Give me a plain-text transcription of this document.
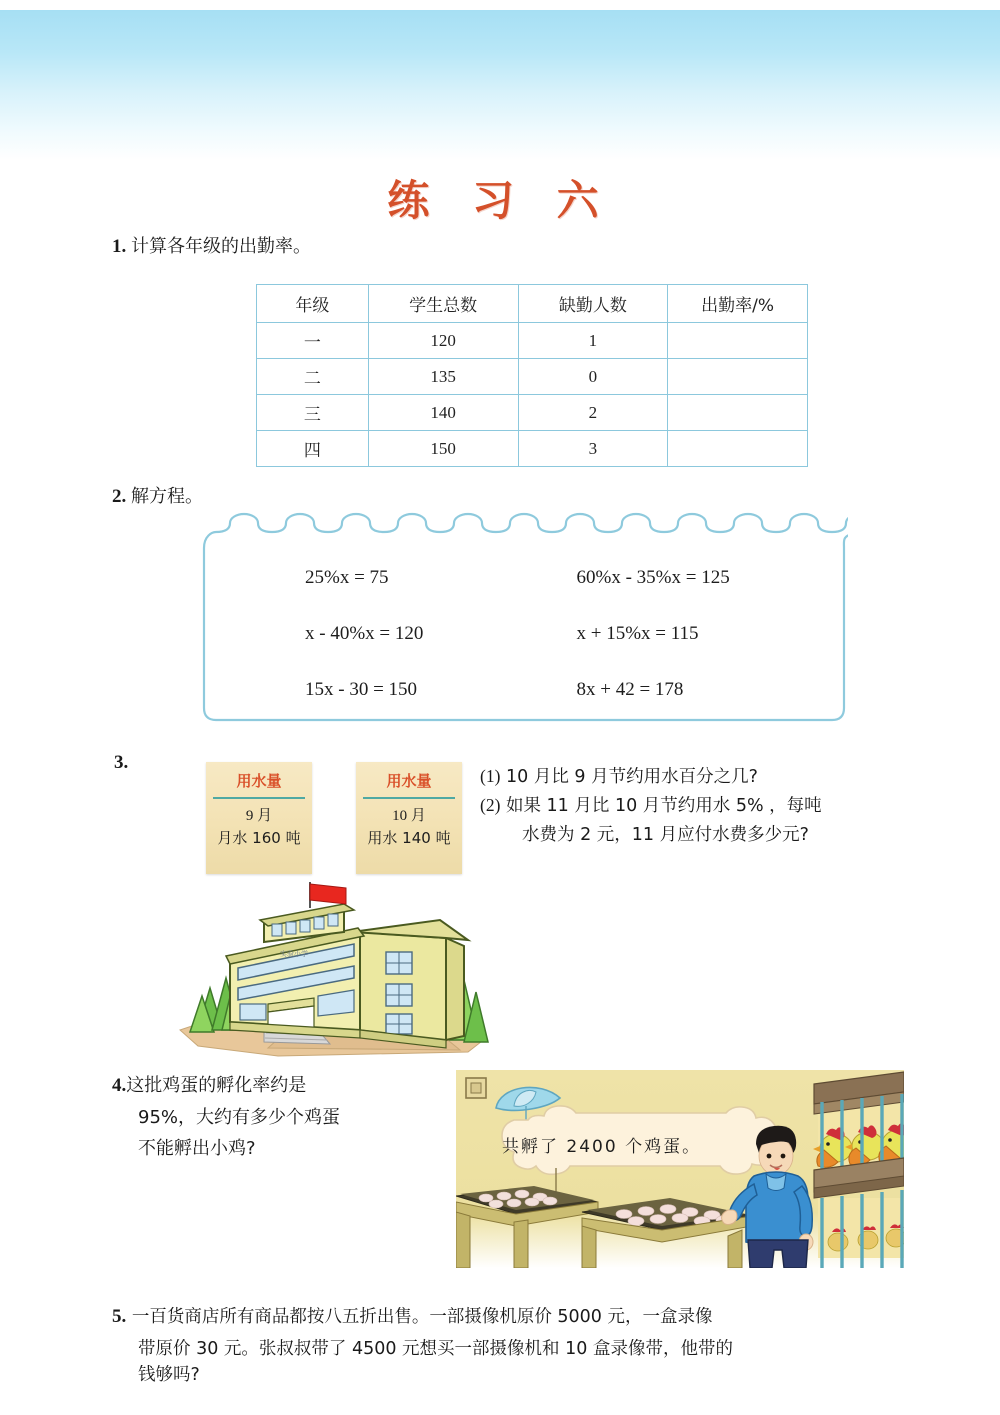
练 习 六
1. 计算各年级的出勤率。
年级	学生总数	缺勤人数	出勤率/%
一	120	1	
二	135	0	
三	140	2	
四	150	3	
2. 解方程。
25%x = 75	60%x - 35%x = 125
x - 40%x = 120	x + 15%x = 115
15x - 30 = 150	8x + 42 = 178
3.
用水量
9 月
月水 160 吨
用水量
10 月
用水 140 吨
(1) 10 月比 9 月节约用水百分之几?
(2) 如果 11 月比 10 月节约用水 5% ，每吨
水费为 2 元，11 月应付水费多少元?
实验小学
4.这批鸡蛋的孵化率约是
95%，大约有多少个鸡蛋
不能孵出小鸡?	共孵了 2400 个鸡蛋。
5. 一百货商店所有商品都按八五折出售。一部摄像机原价 5000 元，一盒录像
带原价 30 元。张叔叔带了 4500 元想买一部摄像机和 10 盒录像带，他带的
钱够吗?
